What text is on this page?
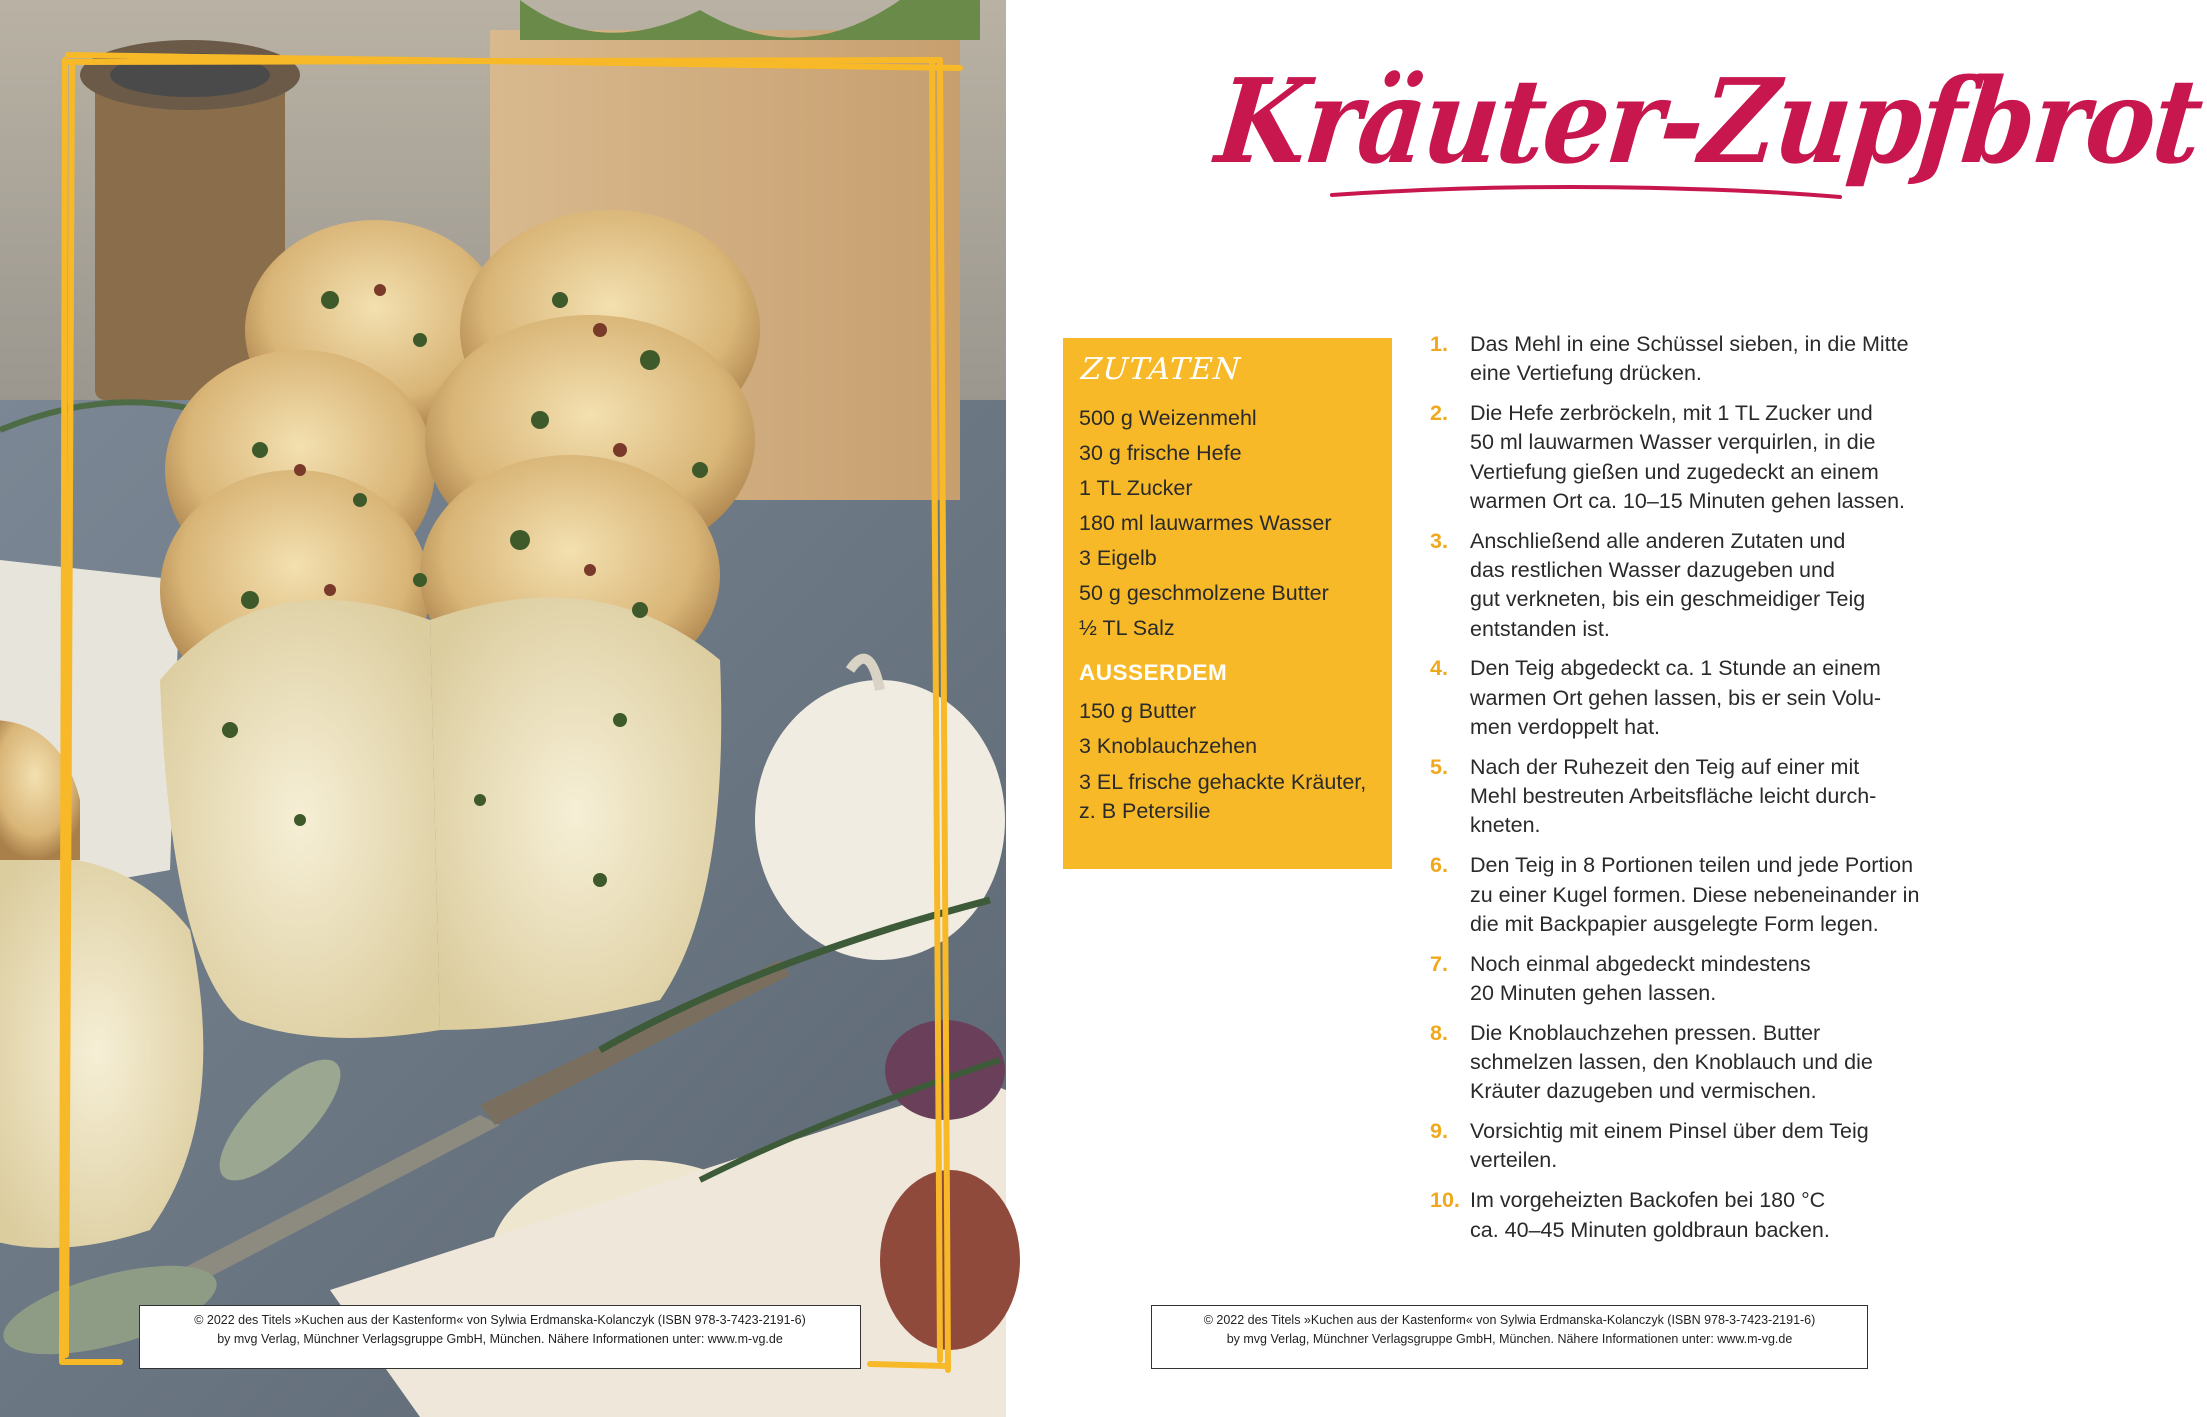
© 2022 des Titels »Kuchen aus der Kastenform« von Sylwia Erdmanska-Kolanczyk (ISBN 978-3-7423-2191-6)
by mvg Verlag, Münchner Verlagsgruppe GmbH, München. Nähere Informationen unter: www.m-vg.de
Kräuter-Zupfbrot
ZUTATEN
500 g Weizenmehl
30 g frische Hefe
1 TL Zucker
180 ml lauwarmes Wasser
3 Eigelb
50 g geschmolzene Butter
½ TL Salz
AUSSERDEM
150 g Butter
3 Knoblauchzehen
3 EL frische gehackte Kräuter, z. B Petersilie
1. Das Mehl in eine Schüssel sieben, in die Mitte
eine Vertiefung drücken.
2. Die Hefe zerbröckeln, mit 1 TL Zucker und
50 ml lauwarmen Wasser verquirlen, in die
Vertiefung gießen und zugedeckt an einem
warmen Ort ca. 10–15 Minuten gehen lassen.
3. Anschließend alle anderen Zutaten und
das restlichen Wasser dazugeben und
gut verkneten, bis ein geschmeidiger Teig
entstanden ist.
4. Den Teig abgedeckt ca. 1 Stunde an einem
warmen Ort gehen lassen, bis er sein Volu-
men verdoppelt hat.
5. Nach der Ruhezeit den Teig auf einer mit
Mehl bestreuten Arbeitsfläche leicht durch-
kneten.
6. Den Teig in 8 Portionen teilen und jede Portion
zu einer Kugel formen. Diese nebeneinander in
die mit Backpapier ausgelegte Form legen.
7. Noch einmal abgedeckt mindestens
20 Minuten gehen lassen.
8. Die Knoblauchzehen pressen. Butter
schmelzen lassen, den Knoblauch und die
Kräuter dazugeben und vermischen.
9. Vorsichtig mit einem Pinsel über dem Teig
verteilen.
10. Im vorgeheizten Backofen bei 180 °C
ca. 40–45 Minuten goldbraun backen.
© 2022 des Titels »Kuchen aus der Kastenform« von Sylwia Erdmanska-Kolanczyk (ISBN 978-3-7423-2191-6)
by mvg Verlag, Münchner Verlagsgruppe GmbH, München. Nähere Informationen unter: www.m-vg.de
